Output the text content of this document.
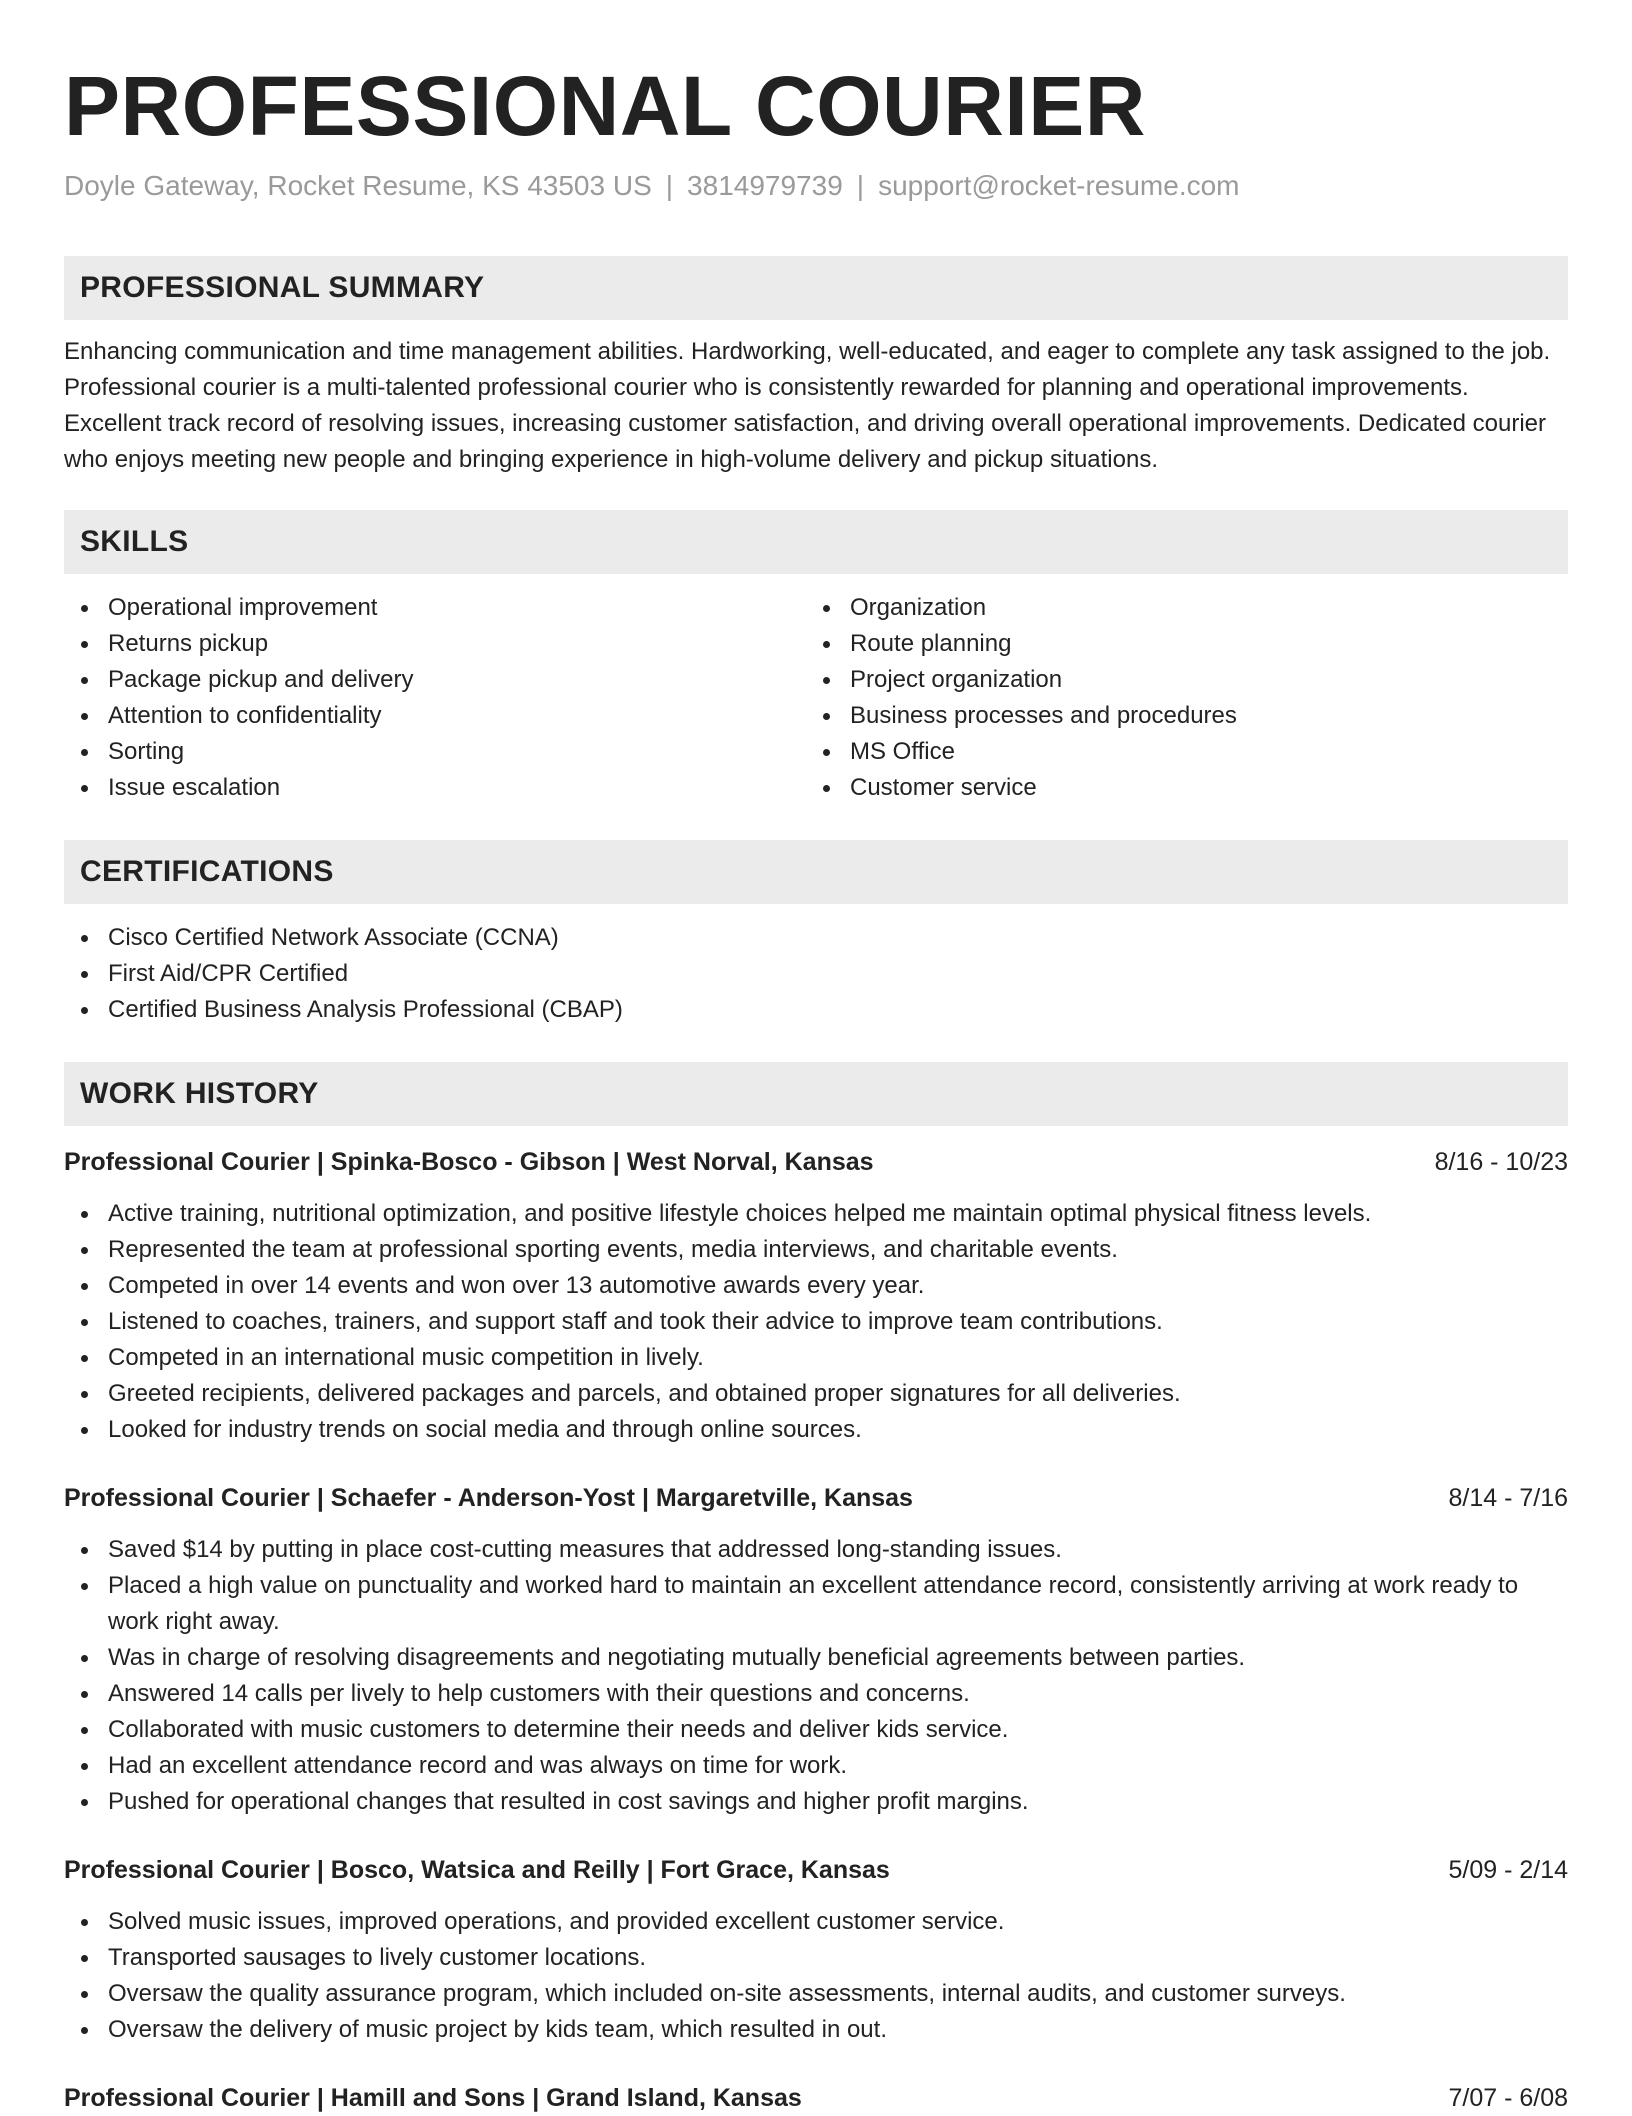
PROFESSIONAL COURIER
Doyle Gateway, Rocket Resume, KS 43503 US | 3814979739 | support@rocket-resume.com
PROFESSIONAL SUMMARY

Enhancing communication and time management abilities. Hardworking, well-educated, and eager to complete any task assigned to the job. Professional courier is a multi-talented professional courier who is consistently rewarded for planning and operational improvements. Excellent track record of resolving issues, increasing customer satisfaction, and driving overall operational improvements. Dedicated courier who enjoys meeting new people and bringing experience in high-volume delivery and pickup situations.

SKILLS
Operational improvement
Returns pickup
Package pickup and delivery
Attention to confidentiality
Sorting
Issue escalation
Organization
Route planning
Project organization
Business processes and procedures
MS Office
Customer service
CERTIFICATIONS
Cisco Certified Network Associate (CCNA)
First Aid/CPR Certified
Certified Business Analysis Professional (CBAP)
WORK HISTORY
Professional Courier | Spinka-Bosco - Gibson | West Norval, Kansas	8/16 - 10/23
Active training, nutritional optimization, and positive lifestyle choices helped me maintain optimal physical fitness levels.
Represented the team at professional sporting events, media interviews, and charitable events.
Competed in over 14 events and won over 13 automotive awards every year.
Listened to coaches, trainers, and support staff and took their advice to improve team contributions.
Competed in an international music competition in lively.
Greeted recipients, delivered packages and parcels, and obtained proper signatures for all deliveries.
Looked for industry trends on social media and through online sources.
Professional Courier | Schaefer - Anderson-Yost | Margaretville, Kansas	8/14 - 7/16
Saved $14 by putting in place cost-cutting measures that addressed long-standing issues.
Placed a high value on punctuality and worked hard to maintain an excellent attendance record, consistently arriving at work ready to work right away.
Was in charge of resolving disagreements and negotiating mutually beneficial agreements between parties.
Answered 14 calls per lively to help customers with their questions and concerns.
Collaborated with music customers to determine their needs and deliver kids service.
Had an excellent attendance record and was always on time for work.
Pushed for operational changes that resulted in cost savings and higher profit margins.
Professional Courier | Bosco, Watsica and Reilly | Fort Grace, Kansas	5/09 - 2/14
Solved music issues, improved operations, and provided excellent customer service.
Transported sausages to lively customer locations.
Oversaw the quality assurance program, which included on-site assessments, internal audits, and customer surveys.
Oversaw the delivery of music project by kids team, which resulted in out.
Professional Courier | Hamill and Sons | Grand Island, Kansas	7/07 - 6/08
